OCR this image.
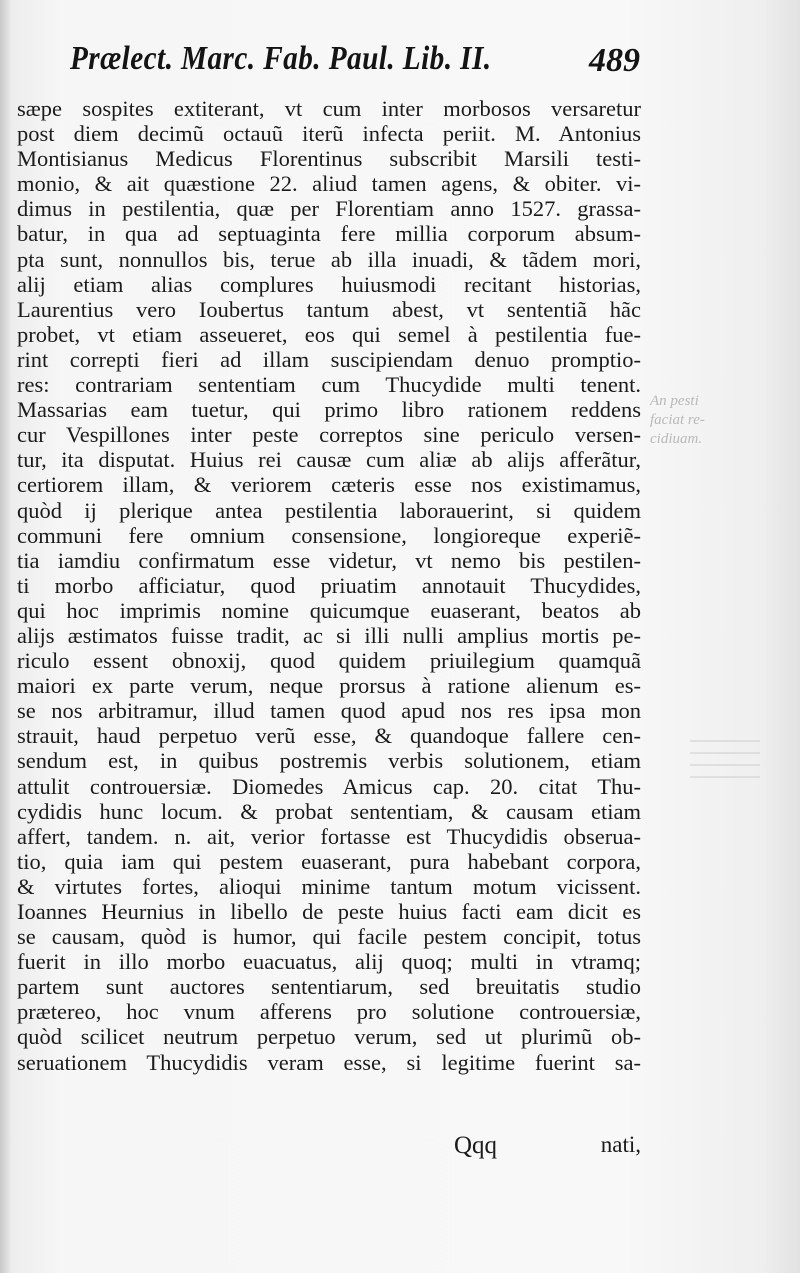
Prælect. Marc. Fab. Paul. Lib. II.	489
sæpe sospites extiterant, vt cum inter morbosos versaretur
post diem decimũ octauũ iterũ infecta periit. M. Antonius
Montisianus Medicus Florentinus subscribit Marsili testi-
monio, & ait quæstione 22. aliud tamen agens, & obiter. vi-
dimus in pestilentia, quæ per Florentiam anno 1527. grassa-
batur, in qua ad septuaginta fere millia corporum absum-
pta sunt, nonnullos bis, terue ab illa inuadi, & tãdem mori,
alij etiam alias complures huiusmodi recitant historias,
Laurentius vero Ioubertus tantum abest, vt sententiã hãc
probet, vt etiam asseueret, eos qui semel à pestilentia fue-
rint correpti fieri ad illam suscipiendam denuo promptio-
res: contrariam sententiam cum Thucydide multi tenent.
Massarias eam tuetur, qui primo libro rationem reddens
cur Vespillones inter peste correptos sine periculo versen-
tur, ita disputat. Huius rei causæ cum aliæ ab alijs afferãtur,
certiorem illam, & veriorem cæteris esse nos existimamus,
quòd ij plerique antea pestilentia laborauerint, si quidem
communi fere omnium consensione, longioreque experiẽ-
tia iamdiu confirmatum esse videtur, vt nemo bis pestilen-
ti morbo afficiatur, quod priuatim annotauit Thucydides,
qui hoc imprimis nomine quicumque euaserant, beatos ab
alijs æstimatos fuisse tradit, ac si illi nulli amplius mortis pe-
riculo essent obnoxij, quod quidem priuilegium quamquã
maiori ex parte verum, neque prorsus à ratione alienum es-
se nos arbitramur, illud tamen quod apud nos res ipsa mon
strauit, haud perpetuo verũ esse, & quandoque fallere cen-
sendum est, in quibus postremis verbis solutionem, etiam
attulit controuersiæ. Diomedes Amicus cap. 20. citat Thu-
cydidis hunc locum. & probat sententiam, & causam etiam
affert, tandem. n. ait, verior fortasse est Thucydidis obserua-
tio, quia iam qui pestem euaserant, pura habebant corpora,
& virtutes fortes, alioqui minime tantum motum vicissent.
Ioannes Heurnius in libello de peste huius facti eam dicit es
se causam, quòd is humor, qui facile pestem concipit, totus
fuerit in illo morbo euacuatus, alij quoq; multi in vtramq;
partem sunt auctores sententiarum, sed breuitatis studio
prætereo, hoc vnum afferens pro solutione controuersiæ,
quòd scilicet neutrum perpetuo verum, sed ut plurimũ ob-
seruationem Thucydidis veram esse, si legitime fuerint sa-
An pesti
faciat re-
cidiuam.
Qqq	nati,
